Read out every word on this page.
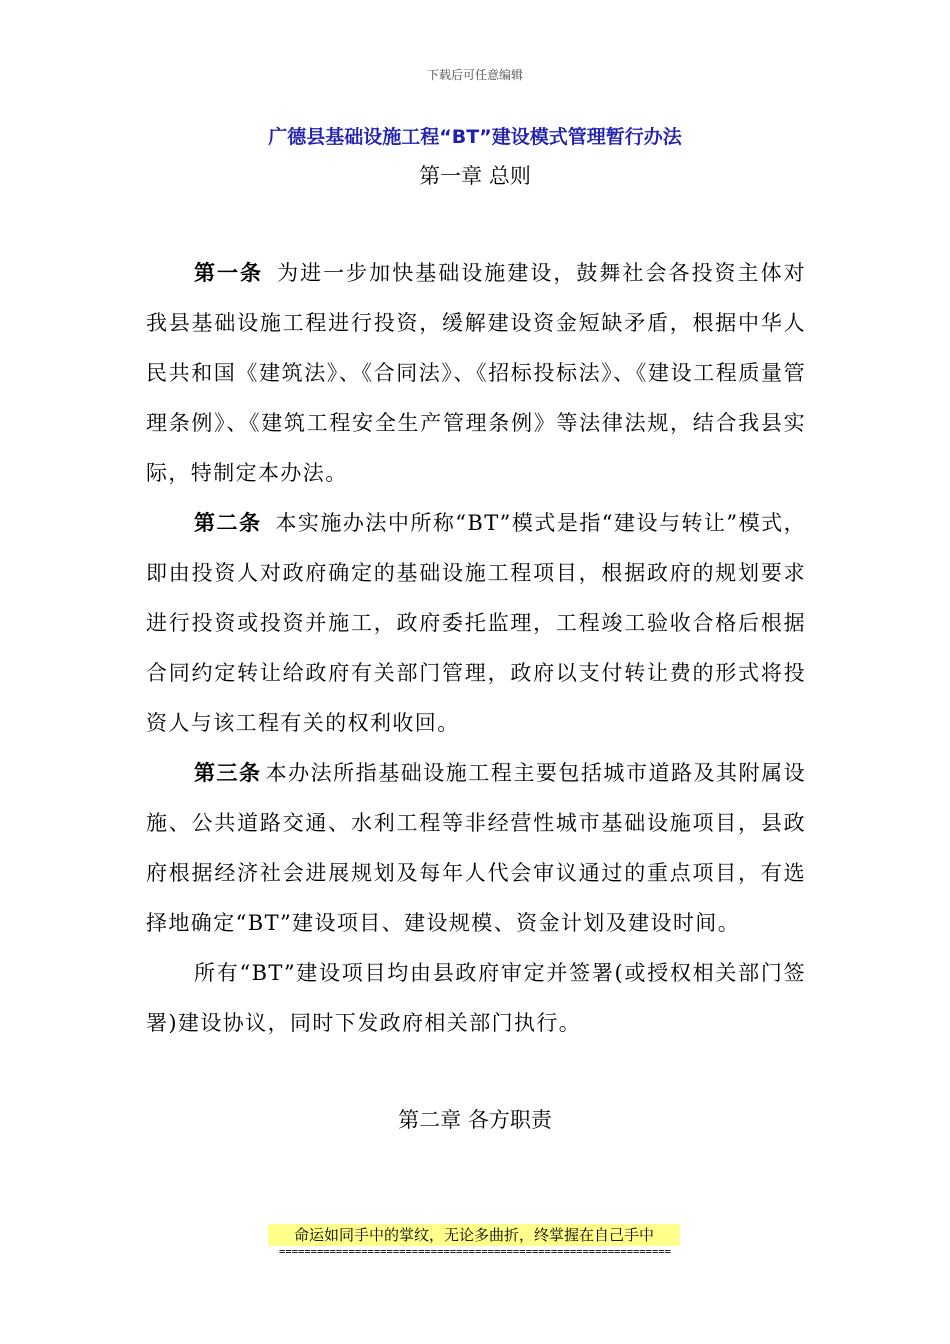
下载后可任意编辑
广德县基础设施工程“BT”建设模式管理暂行办法
第一章 总则

第一条 为进一步加快基础设施建设，鼓舞社会各投资主体对我县基础设施工程进行投资，缓解建设资金短缺矛盾，根据中华人民共和国《建筑法》、《合同法》、《招标投标法》、《建设工程质量管理条例》、《建筑工程安全生产管理条例》等法律法规，结合我县实际，特制定本办法。

第二条 本实施办法中所称“BT”模式是指“建设与转让”模式，即由投资人对政府确定的基础设施工程项目，根据政府的规划要求进行投资或投资并施工，政府委托监理，工程竣工验收合格后根据合同约定转让给政府有关部门管理，政府以支付转让费的形式将投资人与该工程有关的权利收回。

第三条 本办法所指基础设施工程主要包括城市道路及其附属设施、公共道路交通、水利工程等非经营性城市基础设施项目，县政府根据经济社会进展规划及每年人代会审议通过的重点项目，有选择地确定“BT”建设项目、建设规模、资金计划及建设时间。

所有“BT”建设项目均由县政府审定并签署(或授权相关部门签署)建设协议，同时下发政府相关部门执行。

第二章 各方职责
命运如同手中的掌纹，无论多曲折，终掌握在自己手中
==============================================================
